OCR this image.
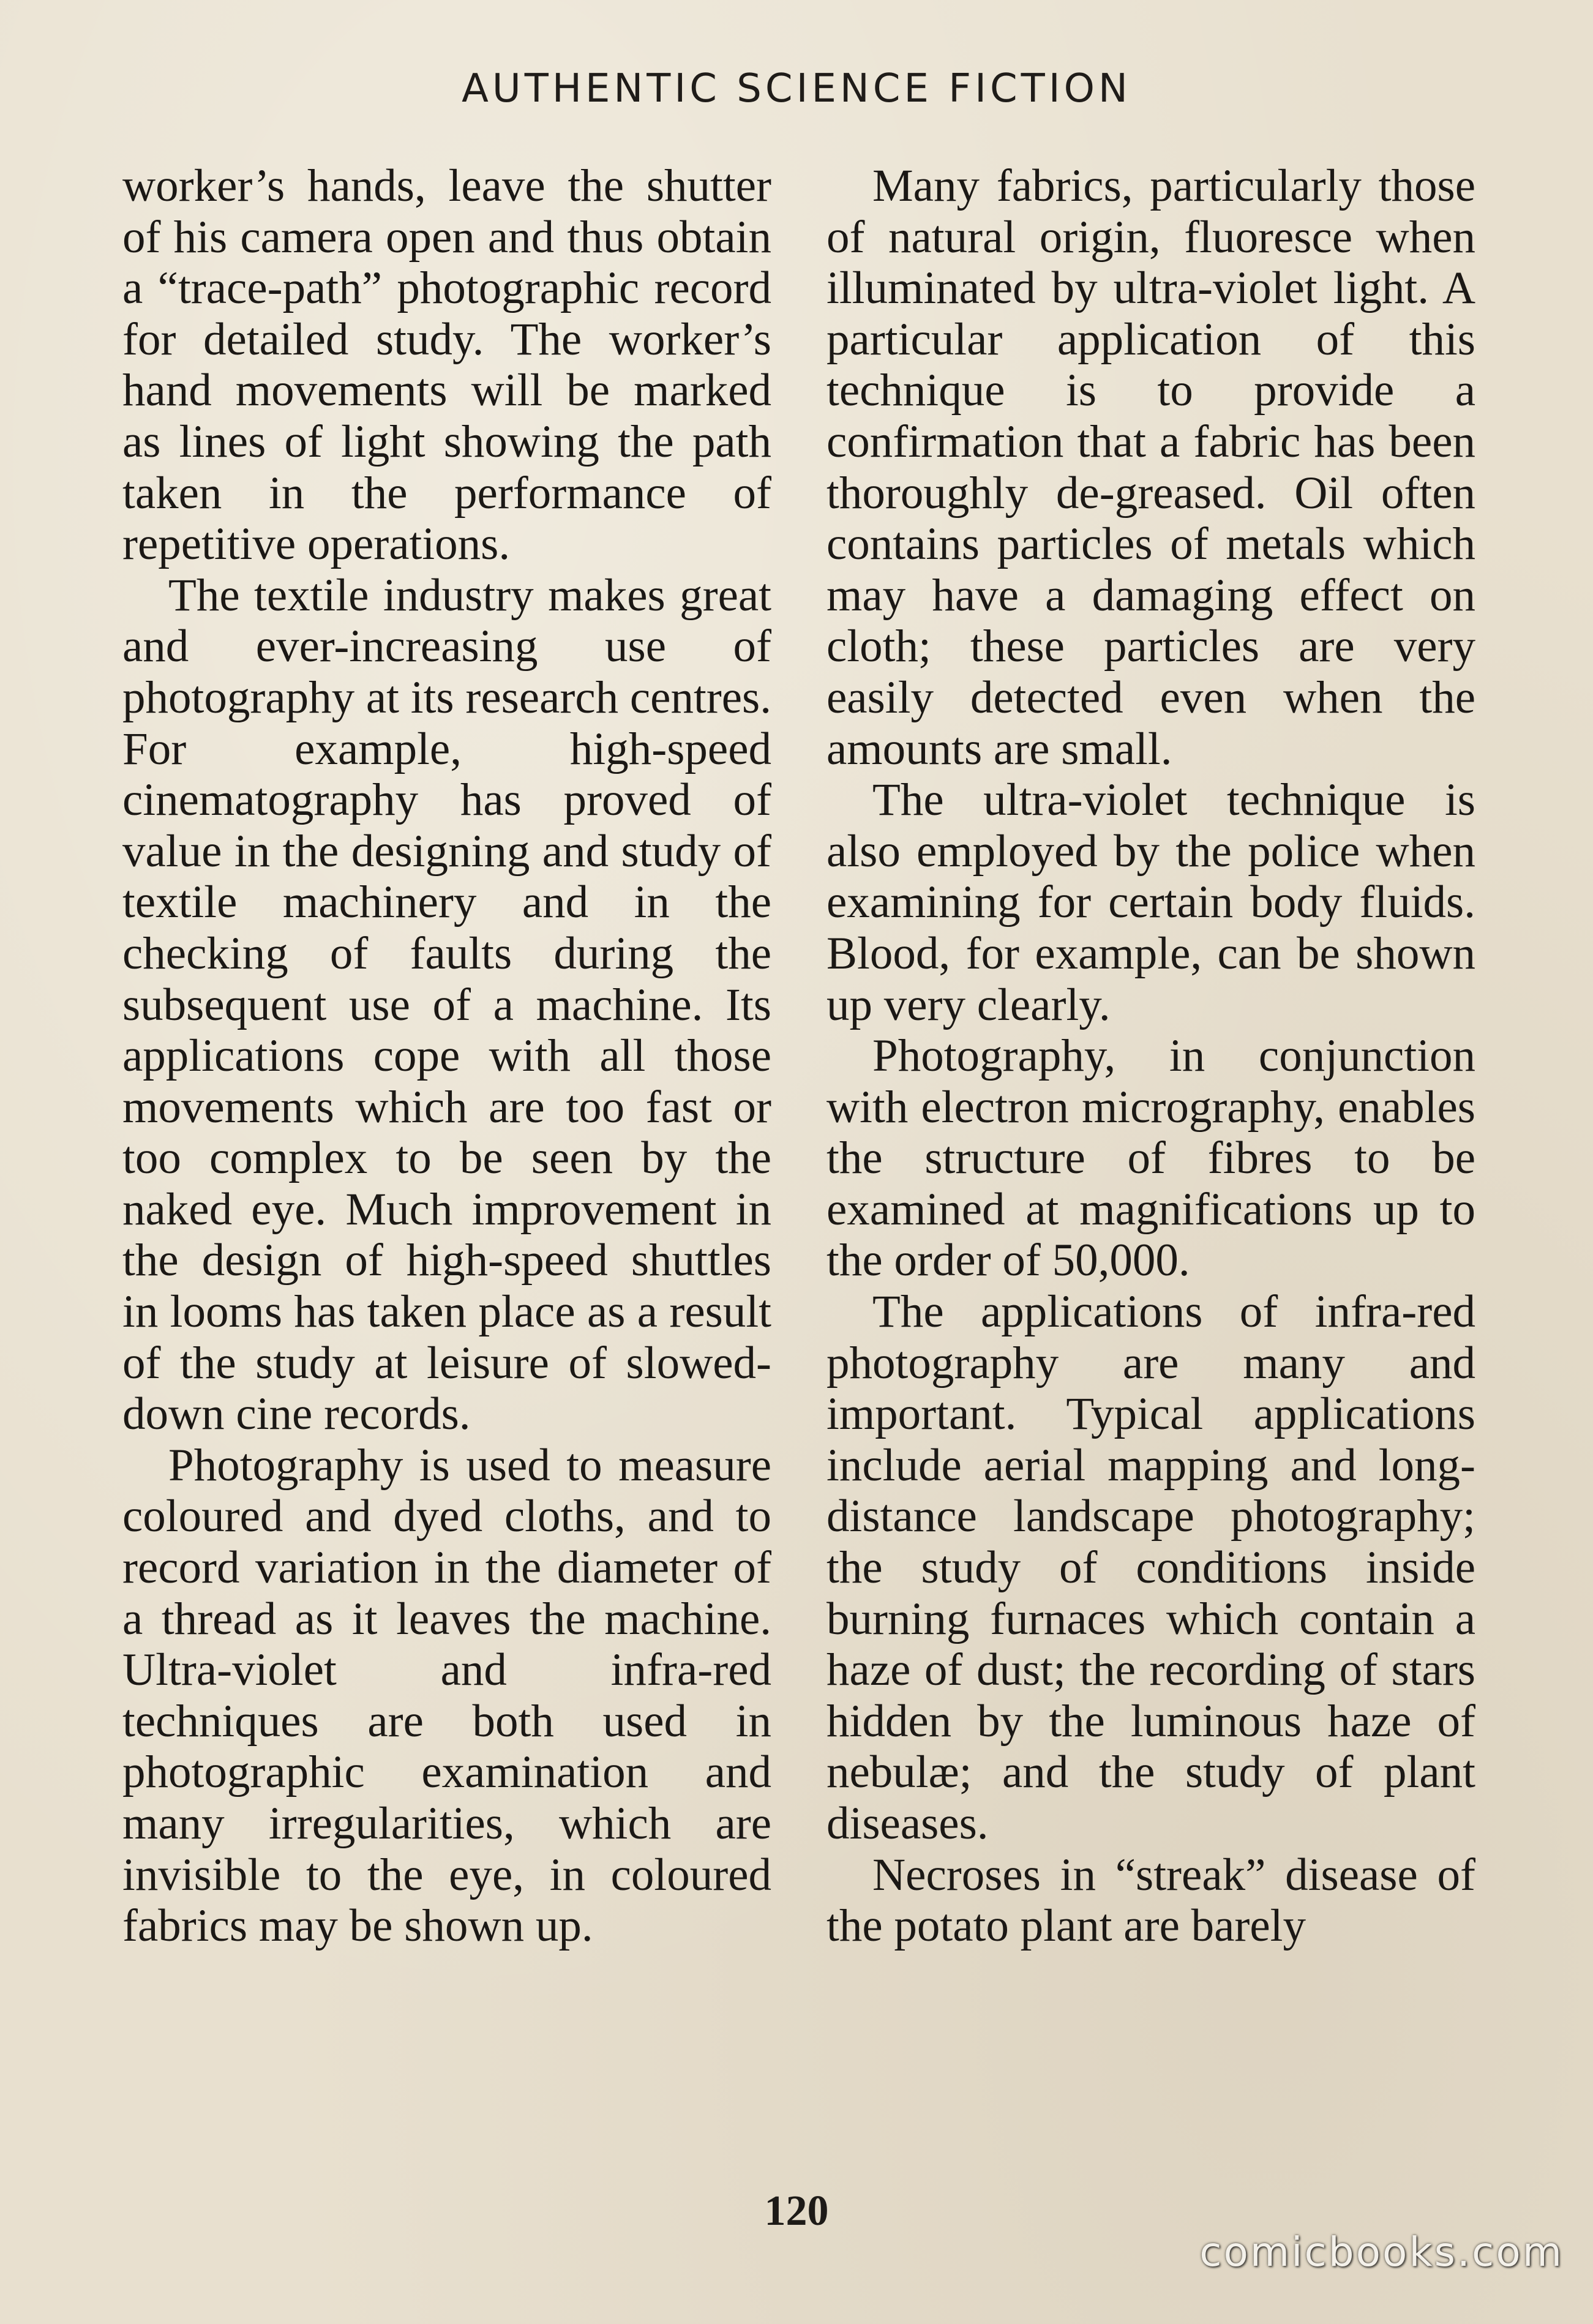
AUTHENTIC SCIENCE FICTION

worker’s hands, leave the shutter of his camera open and thus obtain a “trace-path” photographic record for detailed study. The worker’s hand movements will be marked as lines of light showing the path taken in the performance of repetitive operations.

The textile industry makes great and ever-increasing use of photography at its research centres. For example, high-speed cinematography has proved of value in the designing and study of textile machinery and in the checking of faults during the subsequent use of a machine. Its applications cope with all those movements which are too fast or too complex to be seen by the naked eye. Much improvement in the design of high-speed shuttles in looms has taken place as a result of the study at leisure of slowed-down cine records.

Photography is used to measure coloured and dyed cloths, and to record variation in the diameter of a thread as it leaves the machine. Ultra-violet and infra-red techniques are both used in photographic examination and many irregularities, which are invisible to the eye, in coloured fabrics may be shown up.

Many fabrics, particularly those of natural origin, fluoresce when illuminated by ultra-violet light. A particular application of this technique is to provide a confirmation that a fabric has been thoroughly de-greased. Oil often contains particles of metals which may have a damaging effect on cloth; these particles are very easily detected even when the amounts are small.

The ultra-violet technique is also employed by the police when examining for certain body fluids. Blood, for example, can be shown up very clearly.

Photography, in conjunction with electron micrography, enables the structure of fibres to be examined at magnifications up to the order of 50,000.

The applications of infra-red photography are many and important. Typical applications include aerial mapping and long-distance landscape photography; the study of conditions inside burning furnaces which contain a haze of dust; the recording of stars hidden by the luminous haze of nebulæ; and the study of plant diseases.

Necroses in “streak” disease of the potato plant are barely

120
comicbooks.com
